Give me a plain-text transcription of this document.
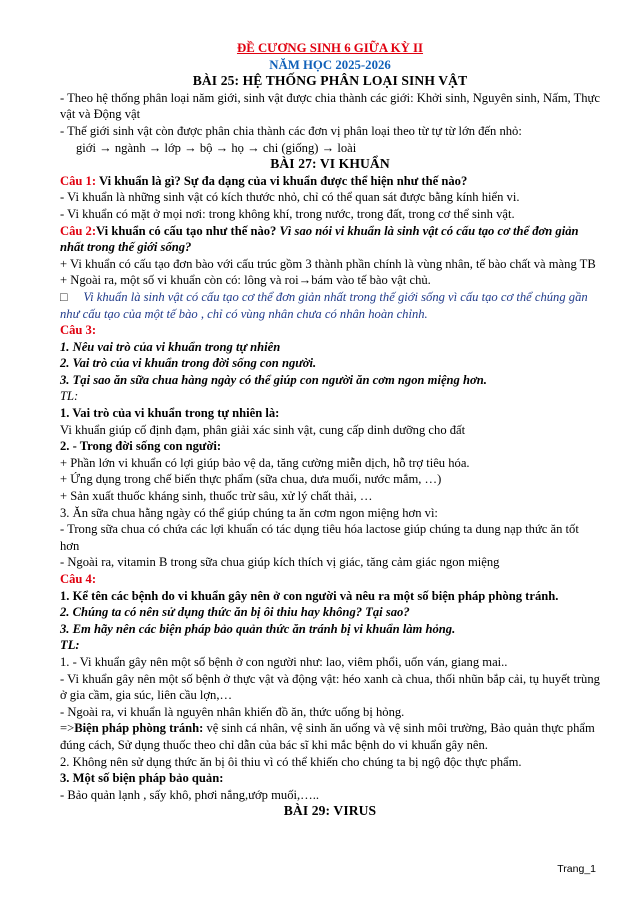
ĐỀ CƯƠNG SINH 6 GIỮA KỲ II

NĂM HỌC 2025-2026

BÀI 25: HỆ THỐNG PHÂN LOẠI SINH VẬT

- Theo hệ thống phân loại năm giới, sinh vật được chia thành các giới: Khởi sinh, Nguyên sinh, Nấm, Thực vật và Động vật

- Thế giới sinh vật còn được phân chia thành các đơn vị phân loại theo từ tự từ lớn đến nhỏ:

giới → ngành → lớp → bộ → họ → chi (giống) → loài

BÀI 27: VI KHUẨN

Câu 1: Vi khuẩn là gì? Sự đa dạng của vi khuẩn được thể hiện như thế nào?

- Vi khuẩn là những sinh vật có kích thước nhỏ, chỉ có thể quan sát được bằng kính hiển vi.

- Vi khuẩn có mặt ở mọi nơi: trong không khí, trong nước, trong đất, trong cơ thể sinh vật.

Câu 2:Vi khuẩn có cấu tạo như thế nào? Vì sao nói vi khuẩn là sinh vật có cấu tạo cơ thể đơn giản nhất trong thế giới sống?

+ Vi khuẩn có cấu tạo đơn bào với cấu trúc gồm 3 thành phần chính là vùng nhân, tế bào chất và màng TB

+ Ngoài ra, một số vi khuẩn còn có: lông và roi→bám vào tế bào vật chủ.

□ Vi khuẩn là sinh vật có cấu tạo cơ thể đơn giản nhất trong thế giới sống vì cấu tạo cơ thể chúng gần như cấu tạo của một tế bào , chỉ có vùng nhân chưa có nhân hoàn chỉnh.

Câu 3:

1. Nêu vai trò của vi khuẩn trong tự nhiên

2. Vai trò của vi khuẩn trong đời sống con người.

3. Tại sao ăn sữa chua hàng ngày có thể giúp con người ăn cơm ngon miệng hơn.

TL:

1. Vai trò của vi khuẩn trong tự nhiên là:

Vi khuẩn giúp cố định đạm, phân giải xác sinh vật, cung cấp dinh dưỡng cho đất

2. - Trong đời sống con người:

+ Phần lớn vi khuẩn có lợi giúp bảo vệ da, tăng cường miễn dịch, hỗ trợ tiêu hóa.

+ Ứng dụng trong chế biến thực phẩm (sữa chua, dưa muối, nước mắm, …)

+ Sản xuất thuốc kháng sinh, thuốc trừ sâu, xử lý chất thải, …

3. Ăn sữa chua hằng ngày có thể giúp chúng ta ăn cơm ngon miệng hơn vì:

- Trong sữa chua có chứa các lợi khuẩn có tác dụng tiêu hóa lactose giúp chúng ta dung nạp thức ăn tốt hơn

- Ngoài ra, vitamin B trong sữa chua giúp kích thích vị giác, tăng cảm giác ngon miệng

Câu 4:

1. Kể tên các bệnh do vi khuẩn gây nên ở con người và nêu ra một số biện pháp phòng tránh.

2. Chúng ta có nên sử dụng thức ăn bị ôi thiu hay không? Tại sao?

3. Em hãy nên các biện pháp bảo quản thức ăn tránh bị vi khuẩn làm hỏng.

TL:

1. - Vi khuẩn gây nên một số bệnh ở con người như: lao, viêm phổi, uốn ván, giang mai..

- Vi khuẩn gây nên một số bệnh ở thực vật và động vật: héo xanh cà chua, thối nhũn bắp cải, tụ huyết trùng ở gia cầm, gia súc, liên cầu lợn,…

- Ngoài ra, vi khuẩn là nguyên nhân khiến đồ ăn, thức uống bị hỏng.

=>Biện pháp phòng tránh: vệ sinh cá nhân, vệ sinh ăn uống và vệ sinh môi trường, Bảo quản thực phẩm đúng cách, Sử dụng thuốc theo chỉ dẫn của bác sĩ khi mắc bệnh do vi khuẩn gây nên.

2. Không nên sử dụng thức ăn bị ôi thiu vì có thể khiến cho chúng ta bị ngộ độc thực phẩm.

3. Một số biện pháp bảo quản:

- Bảo quản lạnh , sấy khô, phơi nắng,ướp muối,…..

BÀI 29: VIRUS

Trang_1
